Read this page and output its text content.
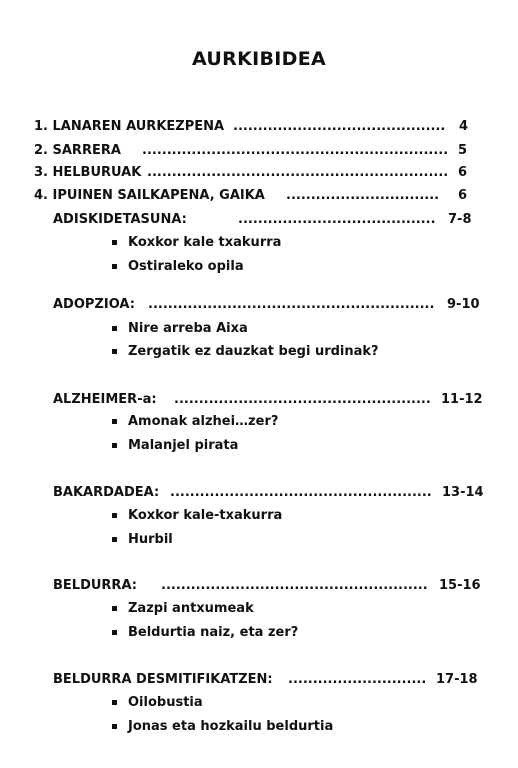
AURKIBIDEA
1. LANAREN AURKEZPENA ........................................... 4
2. SARRERA .............................................................. 5
3. HELBURUAK ............................................................. 6
4. IPUINEN SAILKAPENA, GAIKA ............................... 6
ADISKIDETASUNA:	........................................ 7-8
Koxkor kale txakurra
Ostiraleko opila
ADOPZIOA: .......................................................... 9-10
Nire arreba Aixa
Zergatik ez dauzkat begi urdinak?
ALZHEIMER-a: .................................................... 11-12
Amonak alzhei…zer?
Malanjel pirata
BAKARDADEA: ..................................................... 13-14
Koxkor kale-txakurra
Hurbil
BELDURRA: ...................................................... 15-16
Zazpi antxumeak
Beldurtia naiz, eta zer?
BELDURRA DESMITIFIKATZEN: ............................ 17-18
Oilobustia
Jonas eta hozkailu beldurtia
